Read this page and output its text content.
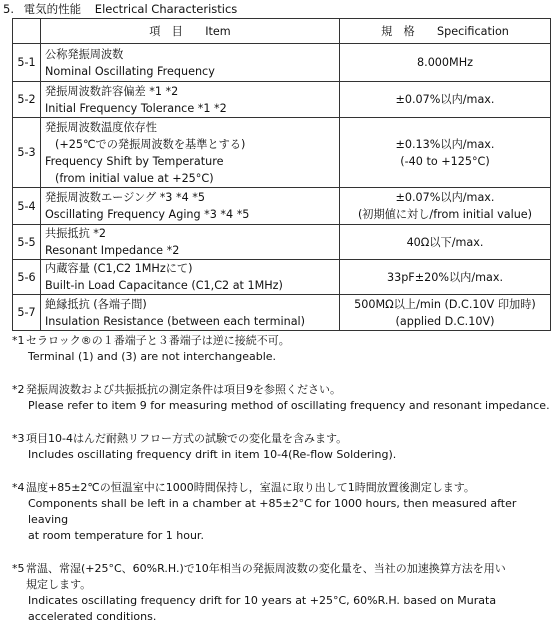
5. 電気的性能 Electrical Characteristics
	項　目　　Item	規　格　　Specification
5-1	公称発振周波数
Nominal Oscillating Frequency	8.000MHz

5-2	発振周波数許容偏差 *1 *2
Initial Frequency Tolerance *1 *2	±0.07%以内/max.

5-3	発振周波数温度依存性
(+25℃での発振周波数を基準とする)
Frequency Shift by Temperature
(from initial value at +25°C)	±0.13%以内/max.
(-40 to +125°C)

5-4	発振周波数エージング *3 *4 *5
Oscillating Frequency Aging *3 *4 *5	±0.07%以内/max.
(初期値に対し/from initial value)

5-5	共振抵抗 *2
Resonant Impedance *2	40Ω以下/max.

5-6	内蔵容量 (C1,C2 1MHzにて)
Built-in Load Capacitance (C1,C2 at 1MHz)	33pF±20%以内/max.

5-7	絶縁抵抗 (各端子間)
Insulation Resistance (between each terminal)	500MΩ以上/min (D.C.10V 印加時)
(applied D.C.10V)
*1 セラロック®の１番端子と３番端子は逆に接続不可。
Terminal (1) and (3) are not interchangeable.
*2 発振周波数および共振抵抗の測定条件は項目9を参照ください。
Please refer to item 9 for measuring method of oscillating frequency and resonant impedance.
*3 項目10-4はんだ耐熱リフロー方式の試験での変化量を含みます。
Includes oscillating frequency drift in item 10-4(Re-flow Soldering).
*4 温度+85±2℃の恒温室中に1000時間保持し，室温に取り出して1時間放置後測定します。
Components shall be left in a chamber at +85±2°C for 1000 hours, then measured after leaving
at room temperature for 1 hour.
*5 常温、常湿(+25°C、60%R.H.)で10年相当の発振周波数の変化量を、当社の加速換算方法を用い
規定します。
Indicates oscillating frequency drift for 10 years at +25°C, 60%R.H. based on Murata
accelerated conditions.
